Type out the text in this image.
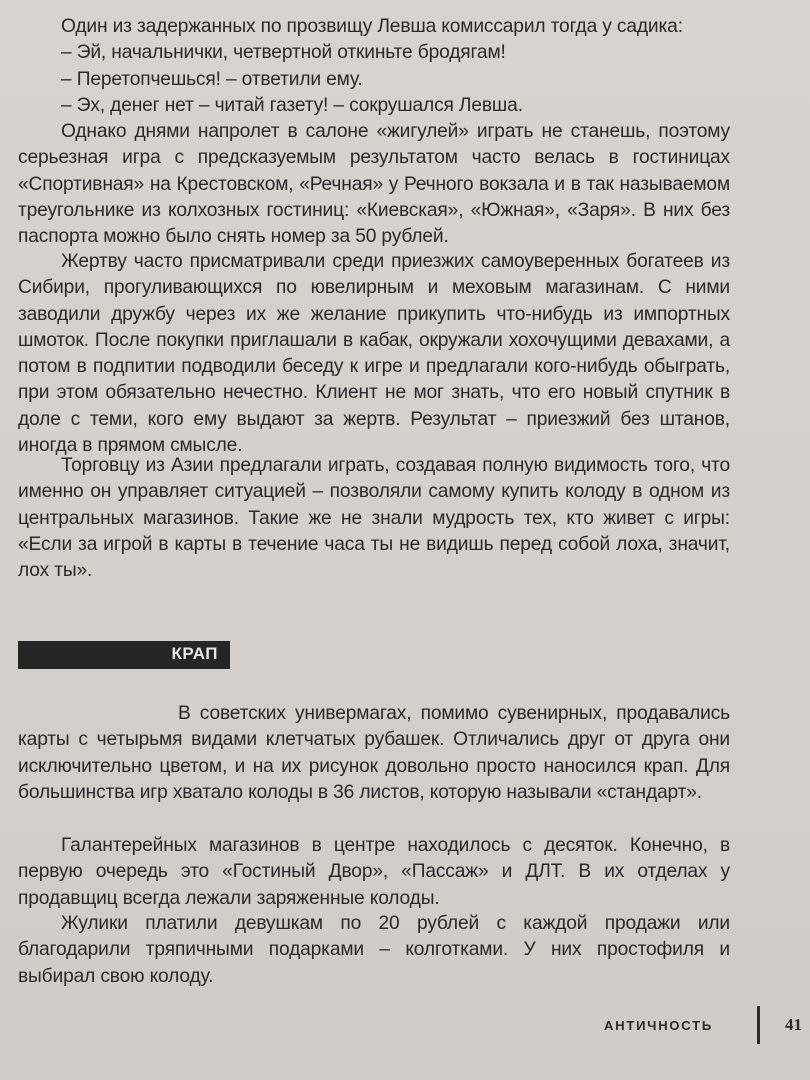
Один из задержанных по прозвищу Левша комиссарил тогда у садика:

– Эй, начальнички, четвертной откиньте бродягам!

– Перетопчешься! – ответили ему.

– Эх, денег нет – читай газету! – сокрушался Левша.

Однако днями напролет в салоне «жигулей» играть не станешь, поэтому серьезная игра с предсказуемым результатом часто велась в гостиницах «Спортивная» на Крестовском, «Речная» у Речного вокзала и в так называемом треугольнике из колхозных гостиниц: «Киевская», «Южная», «Заря». В них без паспорта можно было снять номер за 50 рублей.

Жертву часто присматривали среди приезжих самоуверенных богатеев из Сибири, прогуливающихся по ювелирным и меховым магазинам. С ними заводили дружбу через их же желание прикупить что-нибудь из импортных шмоток. После покупки приглашали в кабак, окружали хохочущими девахами, а потом в подпитии подводили беседу к игре и предлагали кого-нибудь обыграть, при этом обязательно нечестно. Клиент не мог знать, что его новый спутник в доле с теми, кого ему выдают за жертв. Результат – приезжий без штанов, иногда в прямом смысле.

Торговцу из Азии предлагали играть, создавая полную видимость того, что именно он управляет ситуацией – позволяли самому купить колоду в одном из центральных магазинов. Такие же не знали мудрость тех, кто живет с игры: «Если за игрой в карты в течение часа ты не видишь перед собой лоха, значит, лох ты».

КРАП

В советских универмагах, помимо сувенирных, продавались карты с четырьмя видами клетчатых рубашек. Отличались друг от друга они исключительно цветом, и на их рисунок довольно просто наносился крап. Для большинства игр хватало колоды в 36 листов, которую называли «стандарт».

Галантерейных магазинов в центре находилось с десяток. Конечно, в первую очередь это «Гостиный Двор», «Пассаж» и ДЛТ. В их отделах у продавщиц всегда лежали заряженные колоды.

Жулики платили девушкам по 20 рублей с каждой продажи или благодарили тряпичными подарками – колготками. У них простофиля и выбирал свою колоду.

АНТИЧНОСТЬ	41
